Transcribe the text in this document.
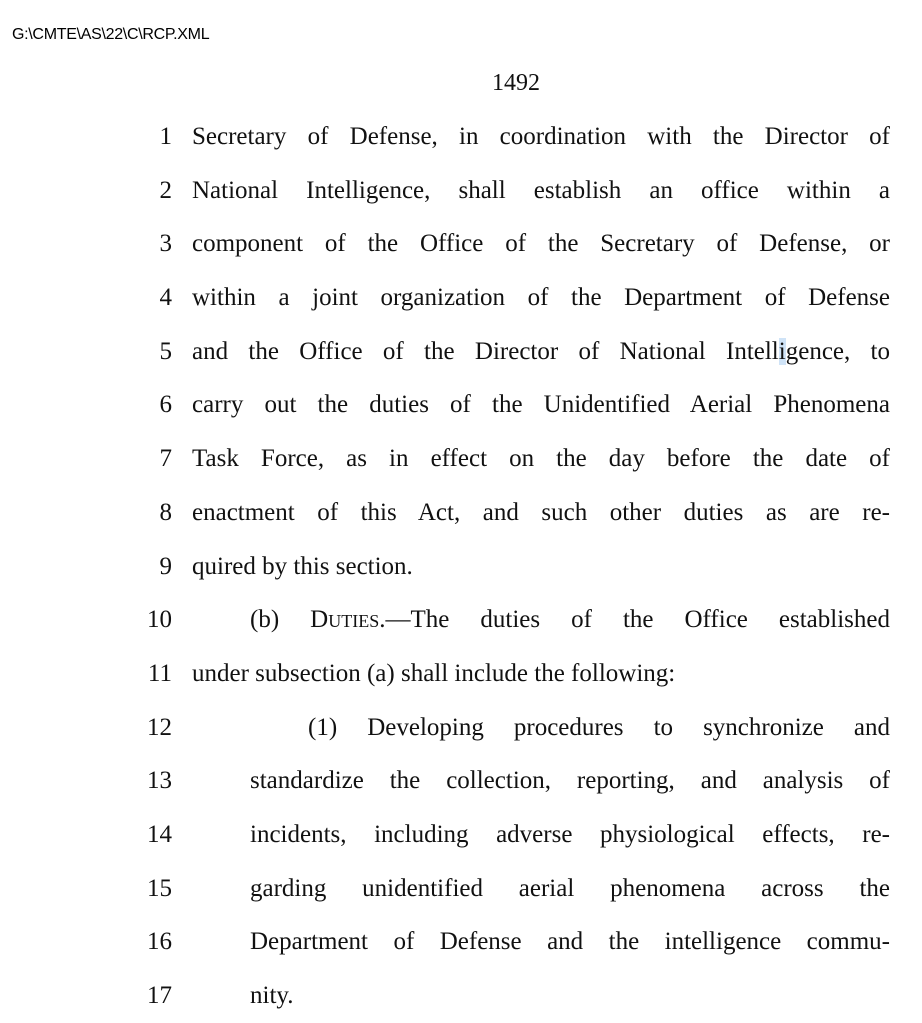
G:\CMTE\AS\22\C\RCP.XML
1492
1 Secretary of Defense, in coordination with the Director of
2 National Intelligence, shall establish an office within a
3 component of the Office of the Secretary of Defense, or
4 within a joint organization of the Department of Defense
5 and the Office of the Director of National Intelligence, to
6 carry out the duties of the Unidentified Aerial Phenomena
7 Task Force, as in effect on the day before the date of
8 enactment of this Act, and such other duties as are re-
9 quired by this section.
10	(b) Duties.—The duties of the Office established
11 under subsection (a) shall include the following:
12	(1) Developing procedures to synchronize and
13	standardize the collection, reporting, and analysis of
14	incidents, including adverse physiological effects, re-
15	garding unidentified aerial phenomena across the
16	Department of Defense and the intelligence commu-
17	nity.
